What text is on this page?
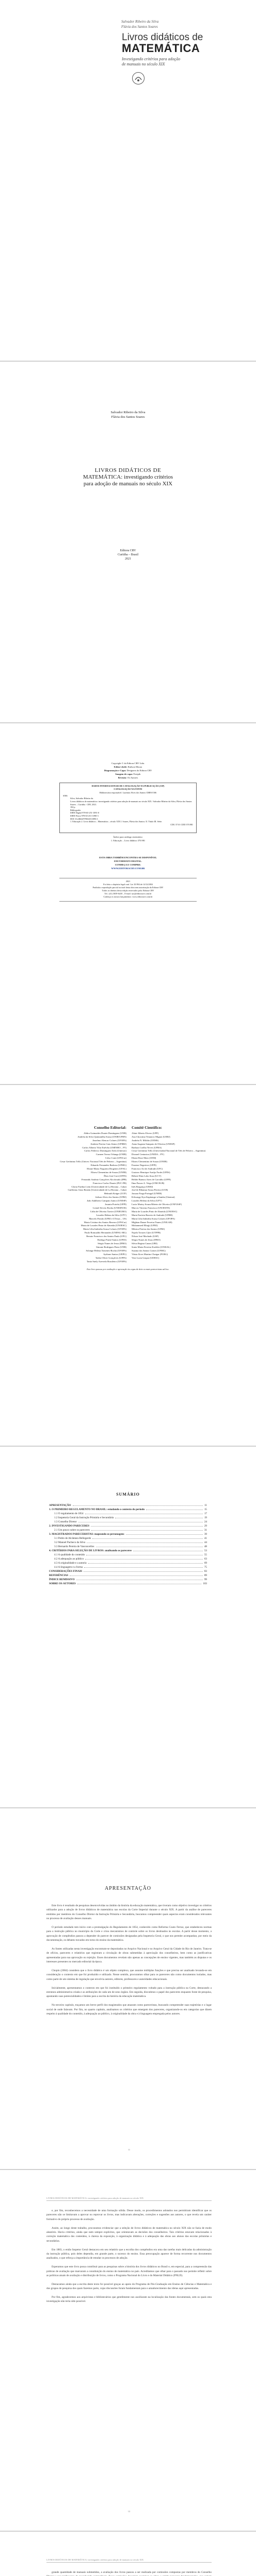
Salvador Ribeiro da Silva
Flávia dos Santos Soares
Livros didáticos de
MATEMÁTICA
Investigando critérios para adoção
de manuais no século XIX
Salvador Ribeiro da Silva
Flávia dos Santos Soares
LIVROS DIDÁTICOS DE
MATEMÁTICA: investigando critérios
para adoção de manuais no século XIX
Editora CRV
Curitiba – Brasil
2021
Copyright © da Editora CRV Ltda.
Editor-chefe: Railson Moura
Diagramação e Capa: Designers da Editora CRV
Imagem de capa: Freepik
Revisão: Os Autores
DADOS INTERNACIONAIS DE CATALOGAÇÃO NA PUBLICAÇÃO (CIP)
CATALOGAÇÃO NA FONTE
Bibliotecária responsável: Luzenira Alves dos Santos CRB9/1506
S586
Silva, Salvador Ribeiro da.
Livros didáticos de matemática: investigando critérios para adoção de manuais no século XIX / Salvador Ribeiro da Silva, Flávia dos Santos Soares – Curitiba : CRV, 2021.
104 p.
Bibliografia
ISBN Digital 978-65-251-1091-0
ISBN Físico 978-65-251-1090-3
DOI 10.24824/978652511090.3
1. Educação 2. Livro didático – Matemática – século XIX I. Soares, Flávia dos Santos. II. Título III. Série.
CDU 37.01 CDD 370.981
Índice para catálogo sistemático
1. Educação – Livro didático 370.981
ESTA OBRA TAMBÉM ENCONTRA-SE DISPONÍVEL
EM FORMATO DIGITAL.
CONHEÇA E COMPRE:
WWW.EDITORACRV.COM.BR
2021
Foi feito o depósito legal conf. Lei 10.994 de 14/12/2004
Proibida a reprodução parcial ou total desta obra sem autorização da Editora CRV
Todos os direitos desta edição reservados pela: Editora CRV
Tel.: (41) 3039-6418 – E-mail: sac@editoracrv.com.br
Conheça os nossos lançamentos: www.editoracrv.com.br
Conselho Editorial:
Aldira Guimarães Duarte Domínguez (UNB)
Andréia da Silva Quintanilha Sousa (UNIR/UFRN)
Anselmo Alencar Colares (UFOPA)
Antônio Pereira Gaio Júnior (UFRRJ)
Carlos Alberto Vilar Estêvão (UMINHO – PT)
Carlos Federico Dominguez Avila (Unieuro)
Carmen Tereza Velanga (UNIR)
Celso Conti (UFSCar)
Cesar Gerônimo Tello (Univer. Nacional Três de Febrero – Argentina)
Eduardo Fernandes Barbosa (UFMG)
Elione Maria Nogueira Diogenes (UFAL)
Elizeu Clementino de Souza (UNEB)
Élsio José Corá (UFFS)
Fernando Antônio Gonçalves Alcoforado (IPB)
Francisco Carlos Duarte (PUC-PR)
Gloria Fariñas León (Universidade de La Havana – Cuba)
Guillermo Arias Beatón (Universidade de La Havana – Cuba)
Helmuth Krüger (UCP)
Jailson Alves dos Santos (UFRJ)
João Adalberto Campato Junior (UNESP)
Josania Portela (UFPI)
Leonel Severo Rocha (UNISINOS)
Lídia de Oliveira Xavier (UNIEURO)
Lourdes Helena da Silva (UFV)
Marcelo Paixão (UFRJ e UTexas – US)
Maria Cristina dos Santos Bezerra (UFSCar)
Maria de Lourdes Pinto de Almeida (UNOESC)
Maria Lília Imbiriba Sousa Colares (UFOPA)
Paulo Romualdo Hernandes (UNIFAL-MG)
Renato Francisco dos Santos Paula (UFG)
Rodrigo Pratte-Santos (UFES)
Sérgio Nunes de Jesus (IFRO)
Simone Rodrigues Pinto (UNB)
Solange Helena Ximenes-Rocha (UFOPA)
Sydione Santos (UEPG)
Tadeu Oliver Gonçalves (UFPA)
Tania Suely Azevedo Brasileiro (UFOPA)
Comitê Científico:
Altair Alberto Fávero (UPF)
Ana Chrystina Venancio Mignot (UERJ)
Andréia N. Militão (UEMS)
Anna Augusta Sampaio de Oliveira (UNESP)
Barbara Coelho Neves (UFBA)
Cesar Gerónimo Tello (Universidad Nacional de Três de Febrero – Argentina)
Diosnel Centurion (UNIDA – PY)
Eliane Rose Maio (UEM)
Elizeu Clementino de Souza (UNEB)
Fauston Negreiros (UFPI)
Francisco Ari de Andrade (UFC)
Gustavo Henrique Araújo Forde (UFES)
Hebert Elias Lobo Sosa (UCV)
Helder Buenos Aires de Carvalho (UFPI)
Ilma Passos A. Veiga (UNICEUB)
Inês Bragança (UERJ)
José de Ribamar Sousa Pereira (UCB)
Jussara Fraga Portugal (UNEB)
Kilwangy Kya Kapitango-a-Samba (Unemat)
Lourdes Helena da Silva (UFV)
Lucia Marisy Souza Ribeiro de Oliveira (UNIVASF)
Marcos Vinicius Francisco (UNOESTE)
Maria de Lourdes Pinto de Almeida (UNOESC)
Maria Eurácia Barreto de Andrade (UFRB)
Maria Lília Imbiriba Sousa Colares (UFOPA)
Míghian Danae Ferreira Nunes (UNILAB)
Mohammed Elhajji (UFRJ)
Mônica Pereira dos Santos (UFRJ)
Najela Tavares Ujiie (UTFPR)
Nilson José Machado (USP)
Sérgio Nunes de Jesus (IFRO)
Silvia Regina Canan (URI)
Sonia Maria Ferreira Koehler (UNISAL)
Suzana dos Santos Gomes (UFMG)
Vânia Alves Martins Chaigar (FURG)
Vera Lucia Gaspar (UDESC)
Este livro passou por avaliação e aprovação às cegas de dois ou mais pareceristas ad hoc.
SUMÁRIO
APRESENTAÇÃO	11
1. O PRIMEIRO REGULAMENTO NO BRASIL: estudando o contexto do período	15
1.1 O regulamento de 1854	17
1.2 Inspetoria Geral da Instrução Primária e Secundária	19
1.3 Conselho Diretor	24
2. INVESTIGANDO PARECERES	29
2.1 Um pouco sobre os pareceres	31
3. MAGISTRADOS PARECERISTAS: mapeando os personagens	39
3.1 Pedro de Alcântara Bellegarde	41
3.2 Manoel Pacheco da Silva	44
3.3 Bernardo Pereira de Vasconcellos	48
4. CRITÉRIOS PARA SELEÇÃO DE LIVROS: analisando os pareceres	53
4.1 A qualidade do conteúdo	55
4.2 A adequação ao público	63
4.3 A originalidade e a autoria	69
4.4 A linguagem e a forma	75
CONSIDERAÇÕES FINAIS	83
REFERÊNCIAS	89
ÍNDICE REMISSIVO	99
SOBRE OS AUTORES	103
APRESENTAÇÃO

Este livro é resultado de pesquisas desenvolvidas no âmbito da história da educação matemática, que tiveram como objetivo investigar os critérios utilizados para a adoção de livros didáticos de matemática nas escolas da Corte Imperial durante o século XIX. A partir da análise de pareceres emitidos por membros do Conselho Diretor da Instrução Primária e Secundária, buscamos compreender quais aspectos eram considerados relevantes no processo de avaliação desses manuais.

O período estudado tem início com a promulgação do Regulamento de 1854, conhecido como Reforma Couto Ferraz, que estabeleceu normas para a instrução pública no município da Corte e criou mecanismos de controle sobre os livros destinados às escolas. A partir desse momento, a aprovação de compêndios passou a depender do parecer de comissões designadas pela Inspetoria Geral, o que nos permite acompanhar, por meio da documentação, os debates travados em torno do ensino da matemática.

As fontes utilizadas nesta investigação encontram-se depositadas no Arquivo Nacional e no Arquivo Geral da Cidade do Rio de Janeiro. Trata-se de ofícios, pareceres e relatórios que registram a circulação de obras submetidas à apreciação dos conselheiros, bem como as justificativas apresentadas para sua aprovação ou rejeição. Esses documentos revelam não apenas as concepções de ensino vigentes, mas também as disputas e os interesses presentes no mercado editorial da época.

Chopin (2004) considera que o livro didático é um objeto complexo, que assume múltiplas funções e que precisa ser analisado levando-se em consideração o contexto em que foi produzido e utilizado. Nesse sentido, procuramos olhar para os pareceres não como documentos isolados, mas como parte de um sistema de regulação que envolvia autores, editores, professores e autoridades educacionais.

Inicialmente, apresentamos o contexto em que foi instituído o primeiro regulamento voltado para a instrução pública na Corte, destacando a estrutura administrativa criada e as atribuições de cada um de seus órgãos. Em seguida, discutimos o papel dos pareceres enquanto fonte de pesquisa, apontando suas potencialidades e limites para a escrita da história da educação matemática.

No terceiro capítulo, traçamos um breve perfil dos magistrados que atuaram como pareceristas, buscando compreender suas trajetórias e o lugar social de onde falavam. Por fim, no quarto capítulo, analisamos os critérios que emergem dos pareceres, organizando-os em categorias que dizem respeito à qualidade do conteúdo, à adequação ao público, à originalidade da obra e à linguagem empregada pelos autores.

11
LIVROS DIDÁTICOS DE MATEMÁTICA: investigando critérios para adoção de manuais no século XIX

e, por fim, reconhecemos a necessidade de uma formação sólida. Desse modo, os procedimentos adotados nos permitiram identificar que os pareceres não se limitavam a aprovar ou reprovar os livros, mas indicavam alterações, correções e sugestões aos autores, o que revela um caráter formativo do próprio processo de avaliação.

Assim, ao longo deste trabalho, procuramos evidenciar que a seleção de livros didáticos de matemática no século XIX não se fazia de modo aleatório. Havia critérios, ainda que nem sempre explícitos, que orientavam as decisões dos conselheiros. Tais critérios estavam relacionados à correção matemática dos conteúdos, à clareza da exposição, à organização didática e à adequação das obras aos alunos das escolas primárias e secundárias.

Em 1883, o então Inspetor Geral destacava em seu relatório que a escolha dos compêndios era uma das tarefas mais delicadas da administração da instrução pública, pois deles dependia, em grande parte, o sucesso do ensino. Essa preocupação aparece de forma recorrente nos documentos analisados, o que reforça a importância de estudar os processos de adoção.

Esperamos que este livro possa contribuir para as pesquisas sobre a história dos livros didáticos no Brasil e, em especial, para a compreensão das práticas de avaliação que marcaram a constituição do ensino de matemática no país. Acreditamos que olhar para o passado nos permite refletir sobre as políticas atuais de avaliação e distribuição de livros, como o Programa Nacional do Livro e do Material Didático (PNLD).

Destacamos ainda que a escrita deste texto foi possível graças ao apoio do Programa de Pós-Graduação em Ensino de Ciências e Matemática e dos grupos de pesquisa dos quais fazemos parte, cujas discussões foram fundamentais para o amadurecimento das ideias aqui apresentadas.

Por fim, agradecemos aos arquivistas e bibliotecários que gentilmente nos auxiliaram na localização das fontes documentais, sem os quais esta investigação não teria sido possível.

12
LIVROS DIDÁTICOS DE MATEMÁTICA: investigando critérios para adoção de manuais no século XIX

grande quantidade de manuais submetidos, a avaliação dos livros passou a ser realizada por comissões compostas por membros do Conselho
